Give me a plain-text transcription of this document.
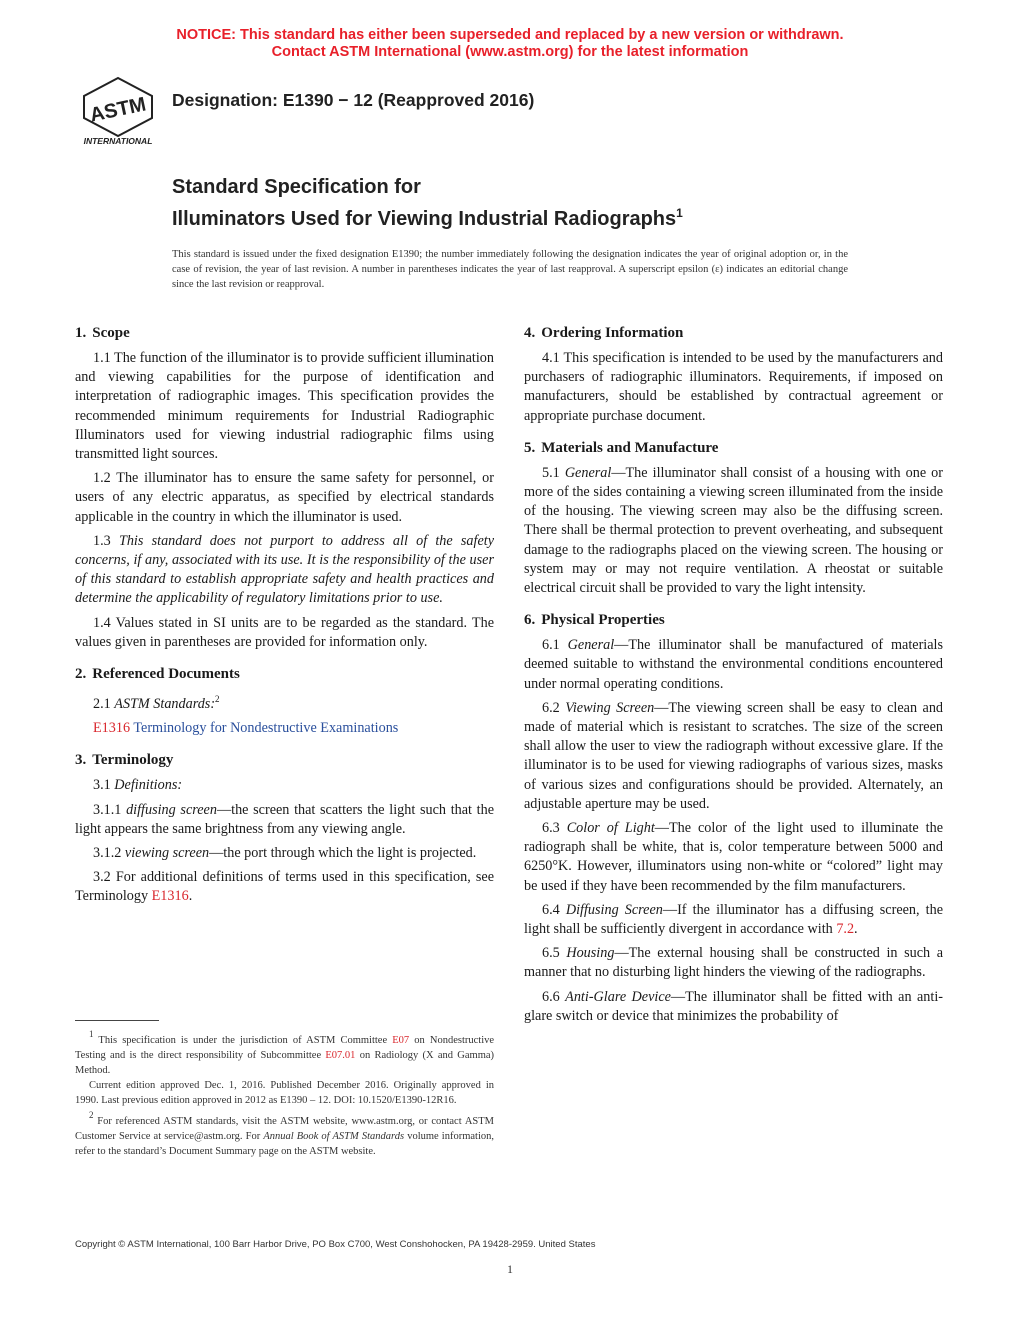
NOTICE: This standard has either been superseded and replaced by a new version or withdrawn.
Contact ASTM International (www.astm.org) for the latest information
ASTM
INTERNATIONAL
Designation: E1390 − 12 (Reapproved 2016)
Standard Specification for
Illuminators Used for Viewing Industrial Radiographs$^1$
This standard is issued under the fixed designation E1390; the number immediately following the designation indicates the year of original adoption or, in the case of revision, the year of last revision. A number in parentheses indicates the year of last reapproval. A superscript epsilon (ε) indicates an editorial change since the last revision or reapproval.
1. Scope

1.1 The function of the illuminator is to provide sufficient illumination and viewing capabilities for the purpose of identification and interpretation of radiographic images. This specification provides the recommended minimum requirements for Industrial Radiographic Illuminators used for viewing industrial radiographic films using transmitted light sources.

1.2 The illuminator has to ensure the same safety for personnel, or users of any electric apparatus, as specified by electrical standards applicable in the country in which the illuminator is used.

1.3 This standard does not purport to address all of the safety concerns, if any, associated with its use. It is the responsibility of the user of this standard to establish appropriate safety and health practices and determine the applicability of regulatory limitations prior to use.

1.4 Values stated in SI units are to be regarded as the standard. The values given in parentheses are provided for information only.

2. Referenced Documents

2.1 ASTM Standards:$^2$

E1316 Terminology for Nondestructive Examinations

3. Terminology

3.1 Definitions:

3.1.1 diffusing screen—the screen that scatters the light such that the light appears the same brightness from any viewing angle.

3.1.2 viewing screen—the port through which the light is projected.

3.2 For additional definitions of terms used in this specification, see Terminology E1316.

1 This specification is under the jurisdiction of ASTM Committee E07 on Nondestructive Testing and is the direct responsibility of Subcommittee E07.01 on Radiology (X and Gamma) Method.

Current edition approved Dec. 1, 2016. Published December 2016. Originally approved in 1990. Last previous edition approved in 2012 as E1390 – 12. DOI: 10.1520/E1390-12R16.

2 For referenced ASTM standards, visit the ASTM website, www.astm.org, or contact ASTM Customer Service at service@astm.org. For Annual Book of ASTM Standards volume information, refer to the standard’s Document Summary page on the ASTM website.

4. Ordering Information

4.1 This specification is intended to be used by the manufacturers and purchasers of radiographic illuminators. Requirements, if imposed on manufacturers, should be established by contractual agreement or appropriate purchase document.

5. Materials and Manufacture

5.1 General—The illuminator shall consist of a housing with one or more of the sides containing a viewing screen illuminated from the inside of the housing. The viewing screen may also be the diffusing screen. There shall be thermal protection to prevent overheating, and subsequent damage to the radiographs placed on the viewing screen. The housing or system may or may not require ventilation. A rheostat or suitable electrical circuit shall be provided to vary the light intensity.

6. Physical Properties

6.1 General—The illuminator shall be manufactured of materials deemed suitable to withstand the environmental conditions encountered under normal operating conditions.

6.2 Viewing Screen—The viewing screen shall be easy to clean and made of material which is resistant to scratches. The size of the screen shall allow the user to view the radiograph without excessive glare. If the illuminator is to be used for viewing radiographs of various sizes, masks of various sizes and configurations should be provided. Alternately, an adjustable aperture may be used.

6.3 Color of Light—The color of the light used to illuminate the radiograph shall be white, that is, color temperature between 5000 and 6250°K. However, illuminators using non-white or “colored” light may be used if they have been recommended by the film manufacturers.

6.4 Diffusing Screen—If the illuminator has a diffusing screen, the light shall be sufficiently divergent in accordance with 7.2.

6.5 Housing—The external housing shall be constructed in such a manner that no disturbing light hinders the viewing of the radiographs.

6.6 Anti-Glare Device—The illuminator shall be fitted with an anti-glare switch or device that minimizes the probability of

Copyright © ASTM International, 100 Barr Harbor Drive, PO Box C700, West Conshohocken, PA 19428-2959. United States
1
